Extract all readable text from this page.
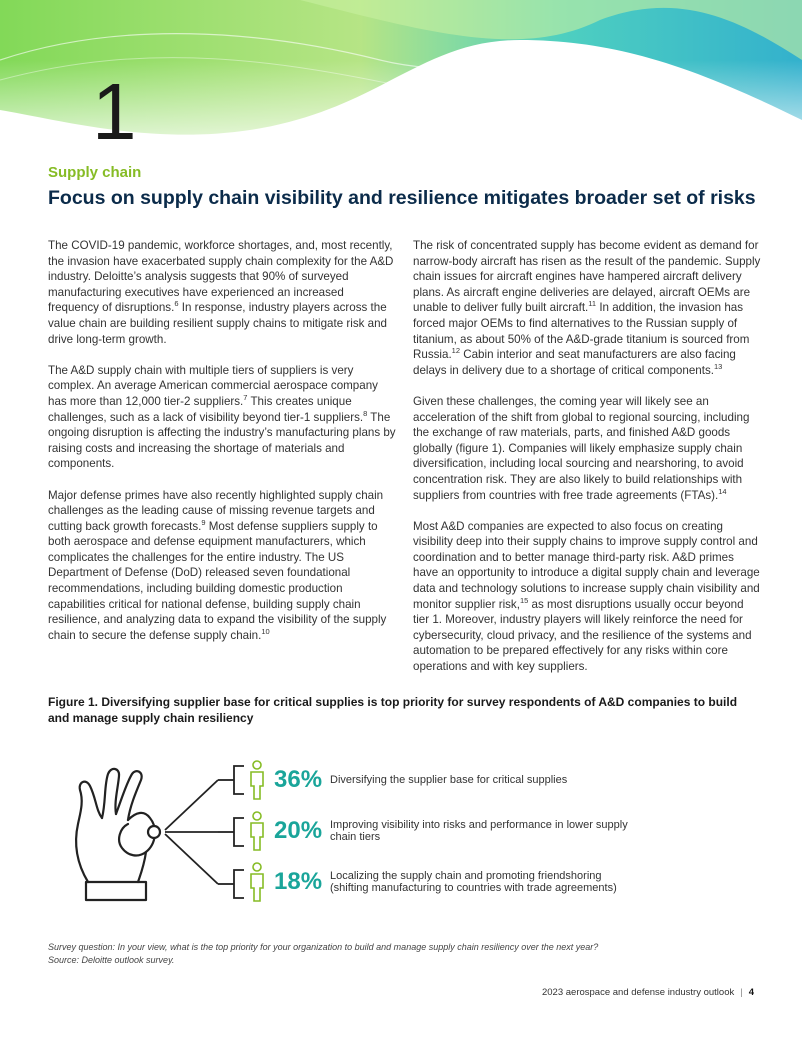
1
Supply chain
Focus on supply chain visibility and resilience mitigates broader set of risks

The COVID-19 pandemic, workforce shortages, and, most recently, the invasion have exacerbated supply chain complexity for the A&D industry. Deloitte’s analysis suggests that 90% of surveyed manufacturing executives have experienced an increased frequency of disruptions.$^6$ In response, industry players across the value chain are building resilient supply chains to mitigate risk and drive long-term growth.

The A&D supply chain with multiple tiers of suppliers is very complex. An average American commercial aerospace company has more than 12,000 tier-2 suppliers.$^7$ This creates unique challenges, such as a lack of visibility beyond tier-1 suppliers.$^8$ The ongoing disruption is affecting the industry’s manufacturing plans by raising costs and increasing the shortage of materials and components.

Major defense primes have also recently highlighted supply chain challenges as the leading cause of missing revenue targets and cutting back growth forecasts.$^9$ Most defense suppliers supply to both aerospace and defense equipment manufacturers, which complicates the challenges for the entire industry. The US Department of Defense (DoD) released seven foundational recommendations, including building domestic production capabilities critical for national defense, building supply chain resilience, and analyzing data to expand the visibility of the supply chain to secure the defense supply chain.$^{10}$

The risk of concentrated supply has become evident as demand for narrow-body aircraft has risen as the result of the pandemic. Supply chain issues for aircraft engines have hampered aircraft delivery plans. As aircraft engine deliveries are delayed, aircraft OEMs are unable to deliver fully built aircraft.$^{11}$ In addition, the invasion has forced major OEMs to find alternatives to the Russian supply of titanium, as about 50% of the A&D-grade titanium is sourced from Russia.$^{12}$ Cabin interior and seat manufacturers are also facing delays in delivery due to a shortage of critical components.$^{13}$

Given these challenges, the coming year will likely see an acceleration of the shift from global to regional sourcing, including the exchange of raw materials, parts, and finished A&D goods globally (figure 1). Companies will likely emphasize supply chain diversification, including local sourcing and nearshoring, to avoid concentration risk. They are also likely to build relationships with suppliers from countries with free trade agreements (FTAs).$^{14}$

Most A&D companies are expected to also focus on creating visibility deep into their supply chains to improve supply control and coordination and to better manage third-party risk. A&D primes have an opportunity to introduce a digital supply chain and leverage data and technology solutions to increase supply chain visibility and monitor supplier risk,$^{15}$ as most disruptions usually occur beyond tier 1. Moreover, industry players will likely reinforce the need for cybersecurity, cloud privacy, and the resilience of the systems and automation to be prepared effectively for any risks within core operations and with key suppliers.

Figure 1. Diversifying supplier base for critical supplies is top priority for survey respondents of A&D companies to build and manage supply chain resiliency

36% Diversifying the supplier base for critical supplies
20% Improving visibility into risks and performance in lower supply chain tiers
18% Localizing the supply chain and promoting friendshoring (shifting manufacturing to countries with trade agreements)
Survey question: In your view, what is the top priority for your organization to build and manage supply chain resiliency over the next year?
Source: Deloitte outlook survey.
2023 aerospace and defense industry outlook | 4
